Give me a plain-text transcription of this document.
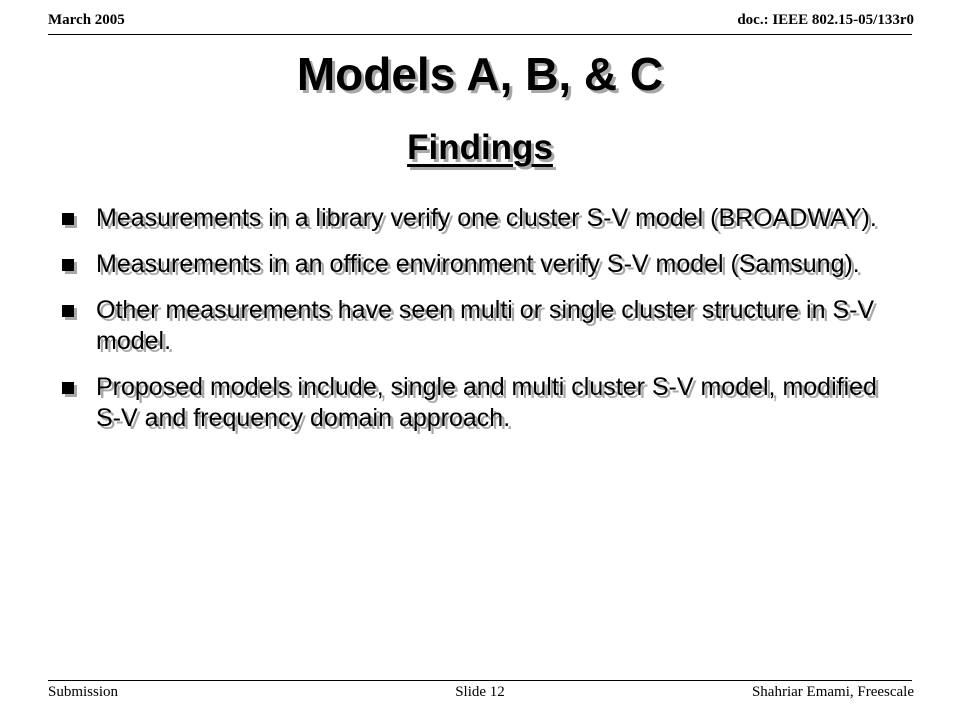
March 2005	doc.: IEEE 802.15-05/133r0
Models A, B, & C
Findings
Measurements in a library verify one cluster S-V model (BROADWAY).
Measurements in an office environment verify S-V model (Samsung).
Other measurements have seen multi or single cluster structure in S-V model.
Proposed models include, single and multi cluster S-V model, modified S-V and frequency domain approach.
Submission	Slide 12	Shahriar Emami, Freescale
